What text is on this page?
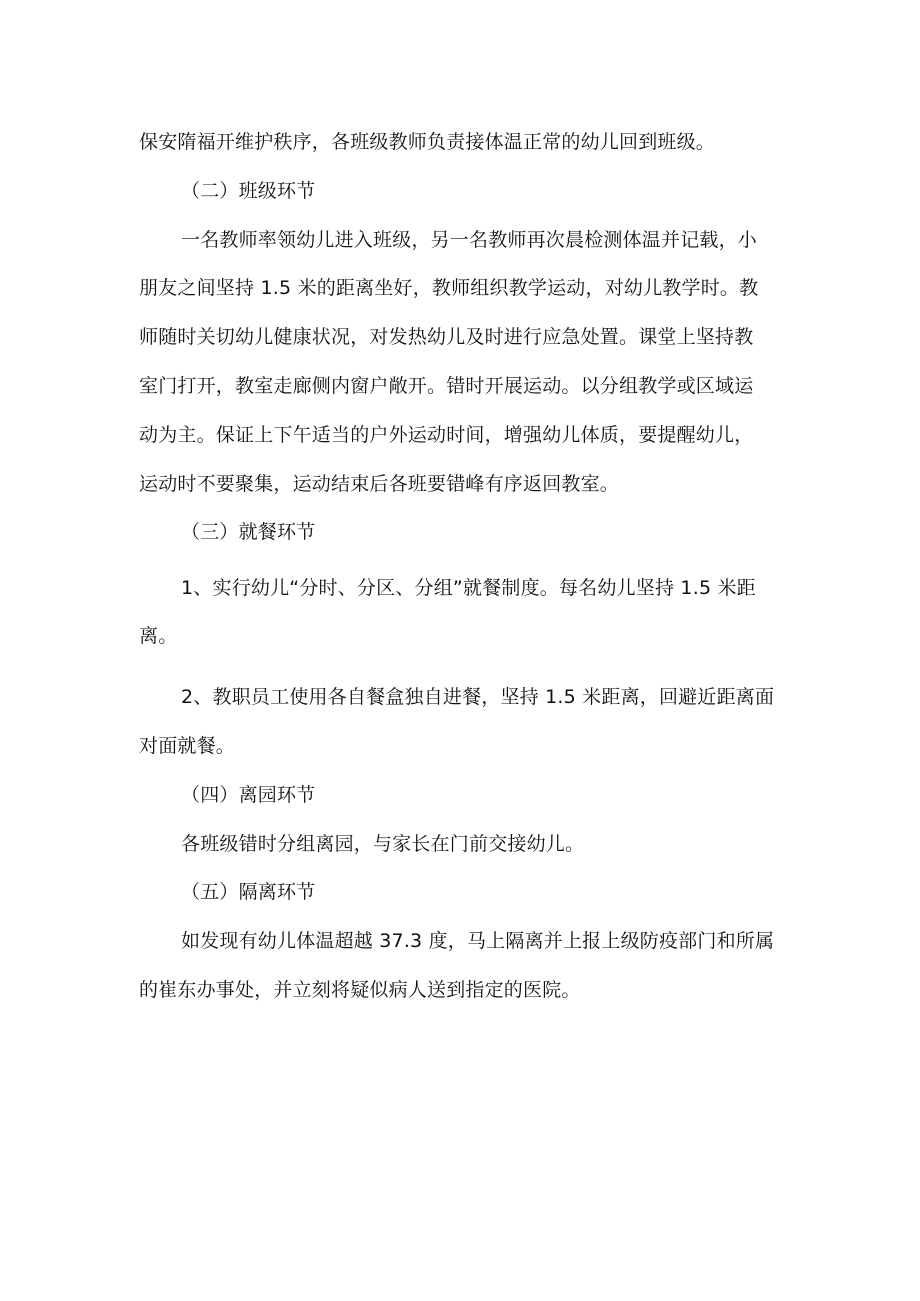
保安隋福开维护秩序，各班级教师负责接体温正常的幼儿回到班级。
（二）班级环节
一名教师率领幼儿进入班级，另一名教师再次晨检测体温并记载，小
朋友之间坚持 1.5 米的距离坐好，教师组织教学运动，对幼儿教学时。教
师随时关切幼儿健康状况，对发热幼儿及时进行应急处置。课堂上坚持教
室门打开，教室走廊侧内窗户敞开。错时开展运动。以分组教学或区域运
动为主。保证上下午适当的户外运动时间，增强幼儿体质，要提醒幼儿，
运动时不要聚集，运动结束后各班要错峰有序返回教室。
（三）就餐环节
1、实行幼儿“分时、分区、分组”就餐制度。每名幼儿坚持 1.5 米距
离。
2、教职员工使用各自餐盒独自进餐，坚持 1.5 米距离，回避近距离面
对面就餐。
（四）离园环节
各班级错时分组离园，与家长在门前交接幼儿。
（五）隔离环节
如发现有幼儿体温超越 37.3 度，马上隔离并上报上级防疫部门和所属
的崔东办事处，并立刻将疑似病人送到指定的医院。
